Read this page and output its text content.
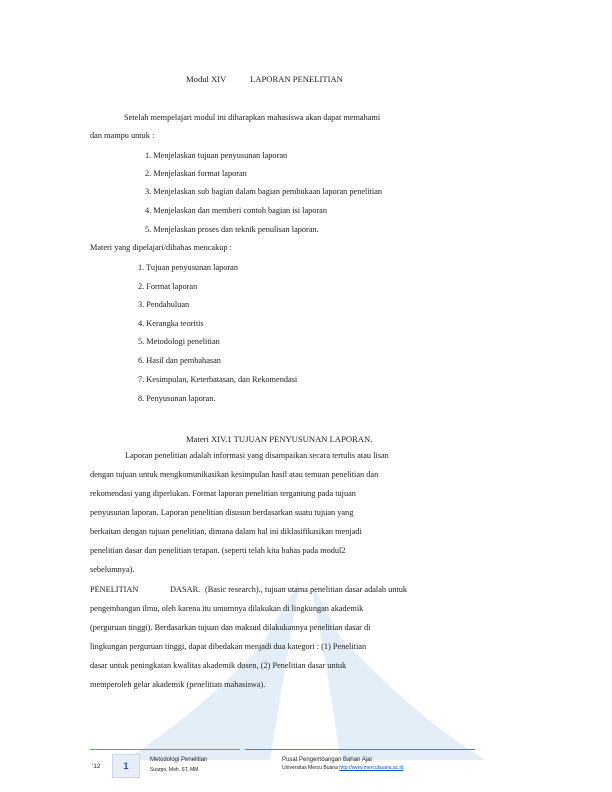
Modul XIV	LAPORAN PENELITIAN
Setelah mempelajari modul ini diharapkan mahasiswa akan dapat memahami
dan mampu untuk :
1. Menjelaskan tujuan penyusunan laporan
2. Menjelaskan format laporan
3. Menjelaskan sub bagian dalam bagian pembukaan laporan penelitian
4. Menjelaskan dan memberi contoh bagian isi laporan
5. Menjelaskan proses dan teknik penulisan laporan.
Materi yang dipelajari/dibahas mencakup :
1. Tujuan penyusunan laporan
2. Format laporan
3. Pendahuluan
4. Kerangka teoritis
5. Metodologi penelitian
6. Hasil dan pembahasan
7. Kesimpulan, Keterbatasan, dan Rekomendasi
8. Penyusunan laporan.
Materi XIV.1 TUJUAN PENYUSUNAN LAPORAN.
Laporan penelitian adalah informasi yang disampaikan secara tertulis atau lisan
dengan tujuan untuk mengkomunikasikan kesimpulan hasil atau temuan penelitian dan
rekomendasi yang diperlukan. Format laporan penelitian tergantung pada tujuan
penyusunan laporan. Laporan penelitian disusun berdasarkan suatu tujuan yang
berkaitan dengan tujuan penelitian, dimana dalam hal ini diklasifikasikan menjadi
penelitian dasar dan penelitian terapan. (seperti telah kita bahas pada modul2
sebelumnya).
PENELITIAN	DASAR. (Basic research)., tujuan utama penelitian dasar adalah untuk
pengembangan ilmu, oleh karena itu umumnya dilakukan di lingkungan akademik
(perguruan tinggi). Berdasarkan tujuan dan maksud dilakukannya penelitian dasar di
lingkungan perguruan tinggi, dapat dibedakan menjadi dua kategori : (1) Penelitian
dasar untuk peningkatan kwalitas akademik dosen, (2) Penelitian dasar untuk
memperoleh gelar akademik (penelitian mahasiswa).
'12	1
Metodologi Penelitian
Suarpo, Moh. ST, MM
Pusat Pengembangan Bahan Ajar
Universitas Mercu Buana http://www.mercubuana.ac.id
